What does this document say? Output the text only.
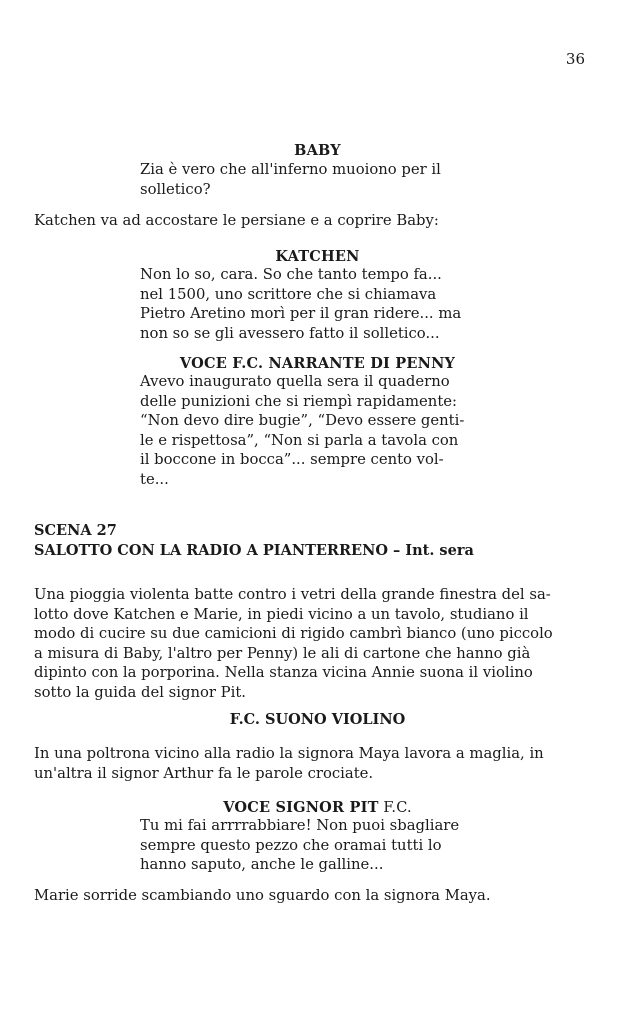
36
BABY
Zia è vero che all'inferno muoiono per il
solletico?
Katchen va ad accostare le persiane e a coprire Baby:
KATCHEN
Non lo so, cara. So che tanto tempo fa...
nel 1500, uno scrittore che si chiamava
Pietro Aretino morì per il gran ridere... ma
non so se gli avessero fatto il solletico...
VOCE F.C. NARRANTE DI PENNY
Avevo inaugurato quella sera il quaderno
delle punizioni che si riempì rapidamente:
“Non devo dire bugie”, “Devo essere genti-
le e rispettosa”, “Non si parla a tavola con
il boccone in bocca”... sempre cento vol-
te...
SCENA 27
SALOTTO CON LA RADIO A PIANTERRENO – Int. sera
Una pioggia violenta batte contro i vetri della grande finestra del sa-
lotto dove Katchen e Marie, in piedi vicino a un tavolo, studiano il
modo di cucire su due camicioni di rigido cambrì bianco (uno piccolo
a misura di Baby, l'altro per Penny) le ali di cartone che hanno già
dipinto con la porporina. Nella stanza vicina Annie suona il violino
sotto la guida del signor Pit.
F.C. SUONO VIOLINO
In una poltrona vicino alla radio la signora Maya lavora a maglia, in
un'altra il signor Arthur fa le parole crociate.
VOCE SIGNOR PIT F.C.
Tu mi fai arrrrabbiare! Non puoi sbagliare
sempre questo pezzo che oramai tutti lo
hanno saputo, anche le galline...
Marie sorride scambiando uno sguardo con la signora Maya.
